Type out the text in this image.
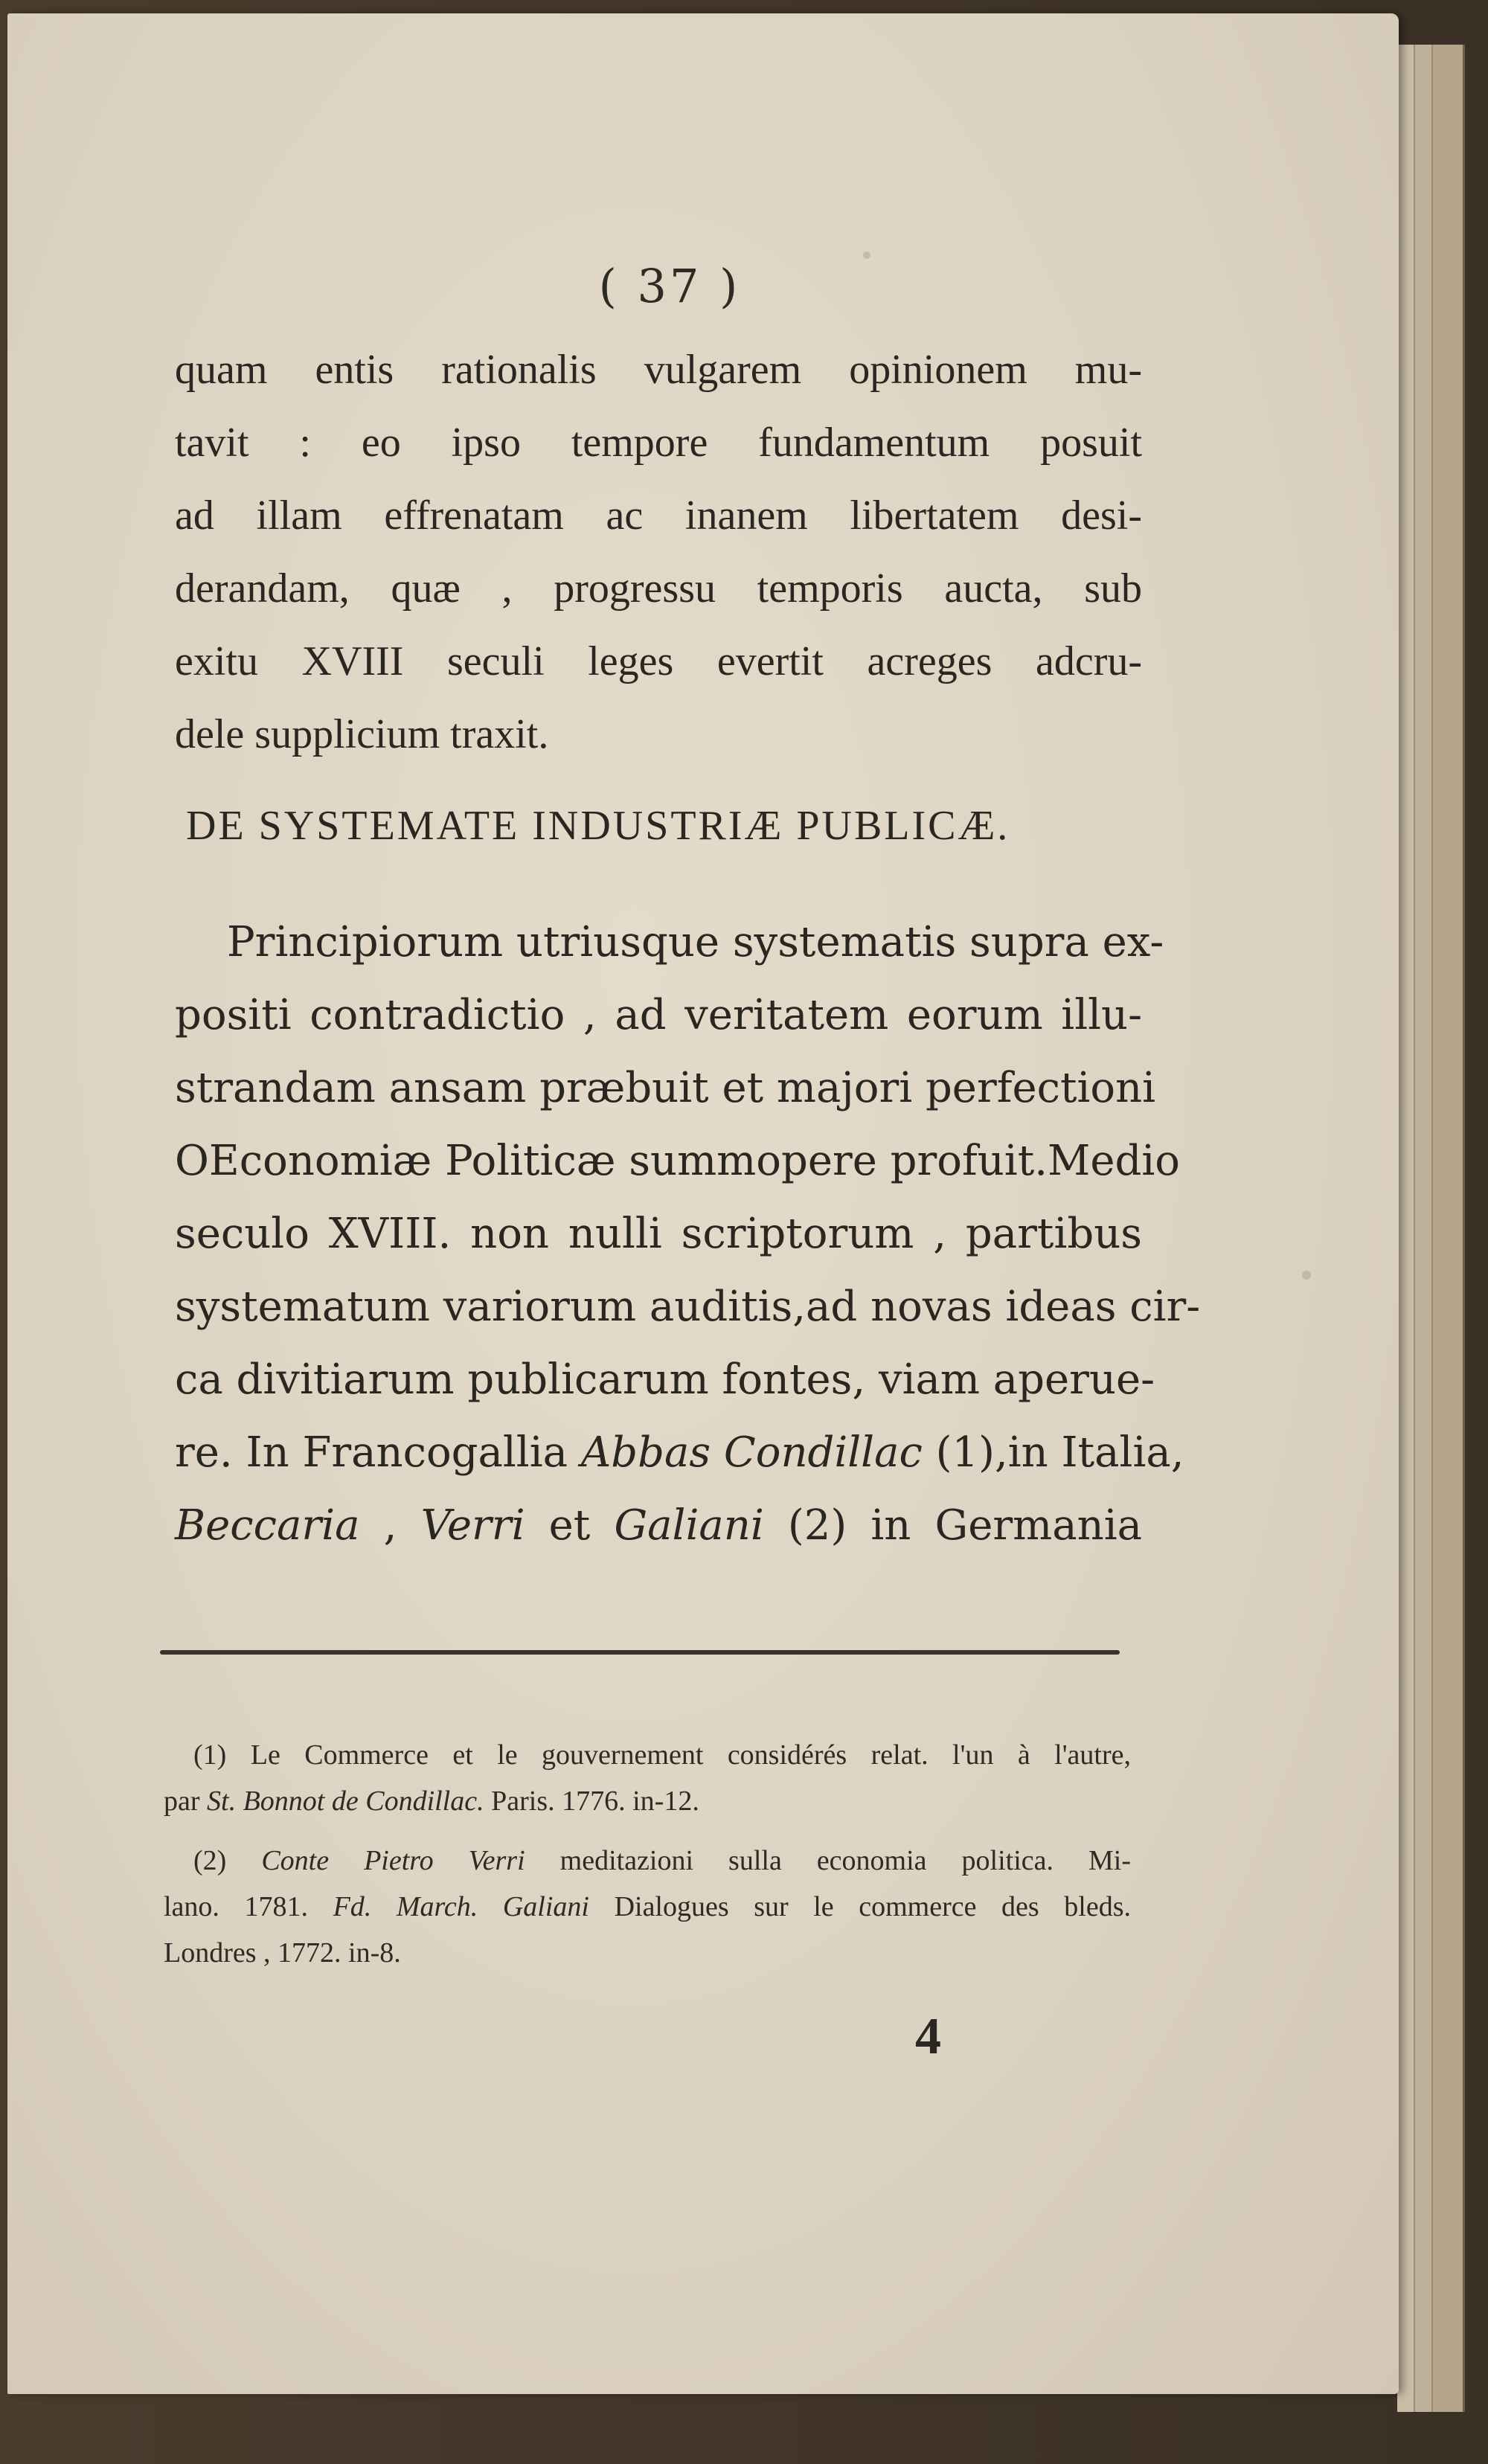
( 37 )
quam entis rationalis vulgarem opinionem mu-
tavit : eo ipso tempore fundamentum posuit
ad illam effrenatam ac inanem libertatem desi-
derandam, quæ , progressu temporis aucta, sub
exitu XVIII seculi leges evertit acreges adcru-
dele supplicium traxit.
DE SYSTEMATE INDUSTRIÆ PUBLICÆ.
Principiorum utriusque systematis supra ex-
positi contradictio , ad veritatem eorum illu-
strandam ansam præbuit et majori perfectioni
OEconomiæ Politicæ summopere profuit.Medio
seculo XVIII. non nulli scriptorum , partibus
systematum variorum auditis,ad novas ideas cir-
ca divitiarum publicarum fontes, viam aperue-
re. In Francogallia Abbas Condillac (1),in Italia,
Beccaria , Verri et Galiani (2) in Germania
(1) Le Commerce et le gouvernement considérés relat. l'un à l'autre,
par St. Bonnot de Condillac. Paris. 1776. in-12.
(2) Conte Pietro Verri meditazioni sulla economia politica. Mi-
lano. 1781. Fd. March. Galiani Dialogues sur le commerce des bleds.
Londres , 1772. in-8.
4
